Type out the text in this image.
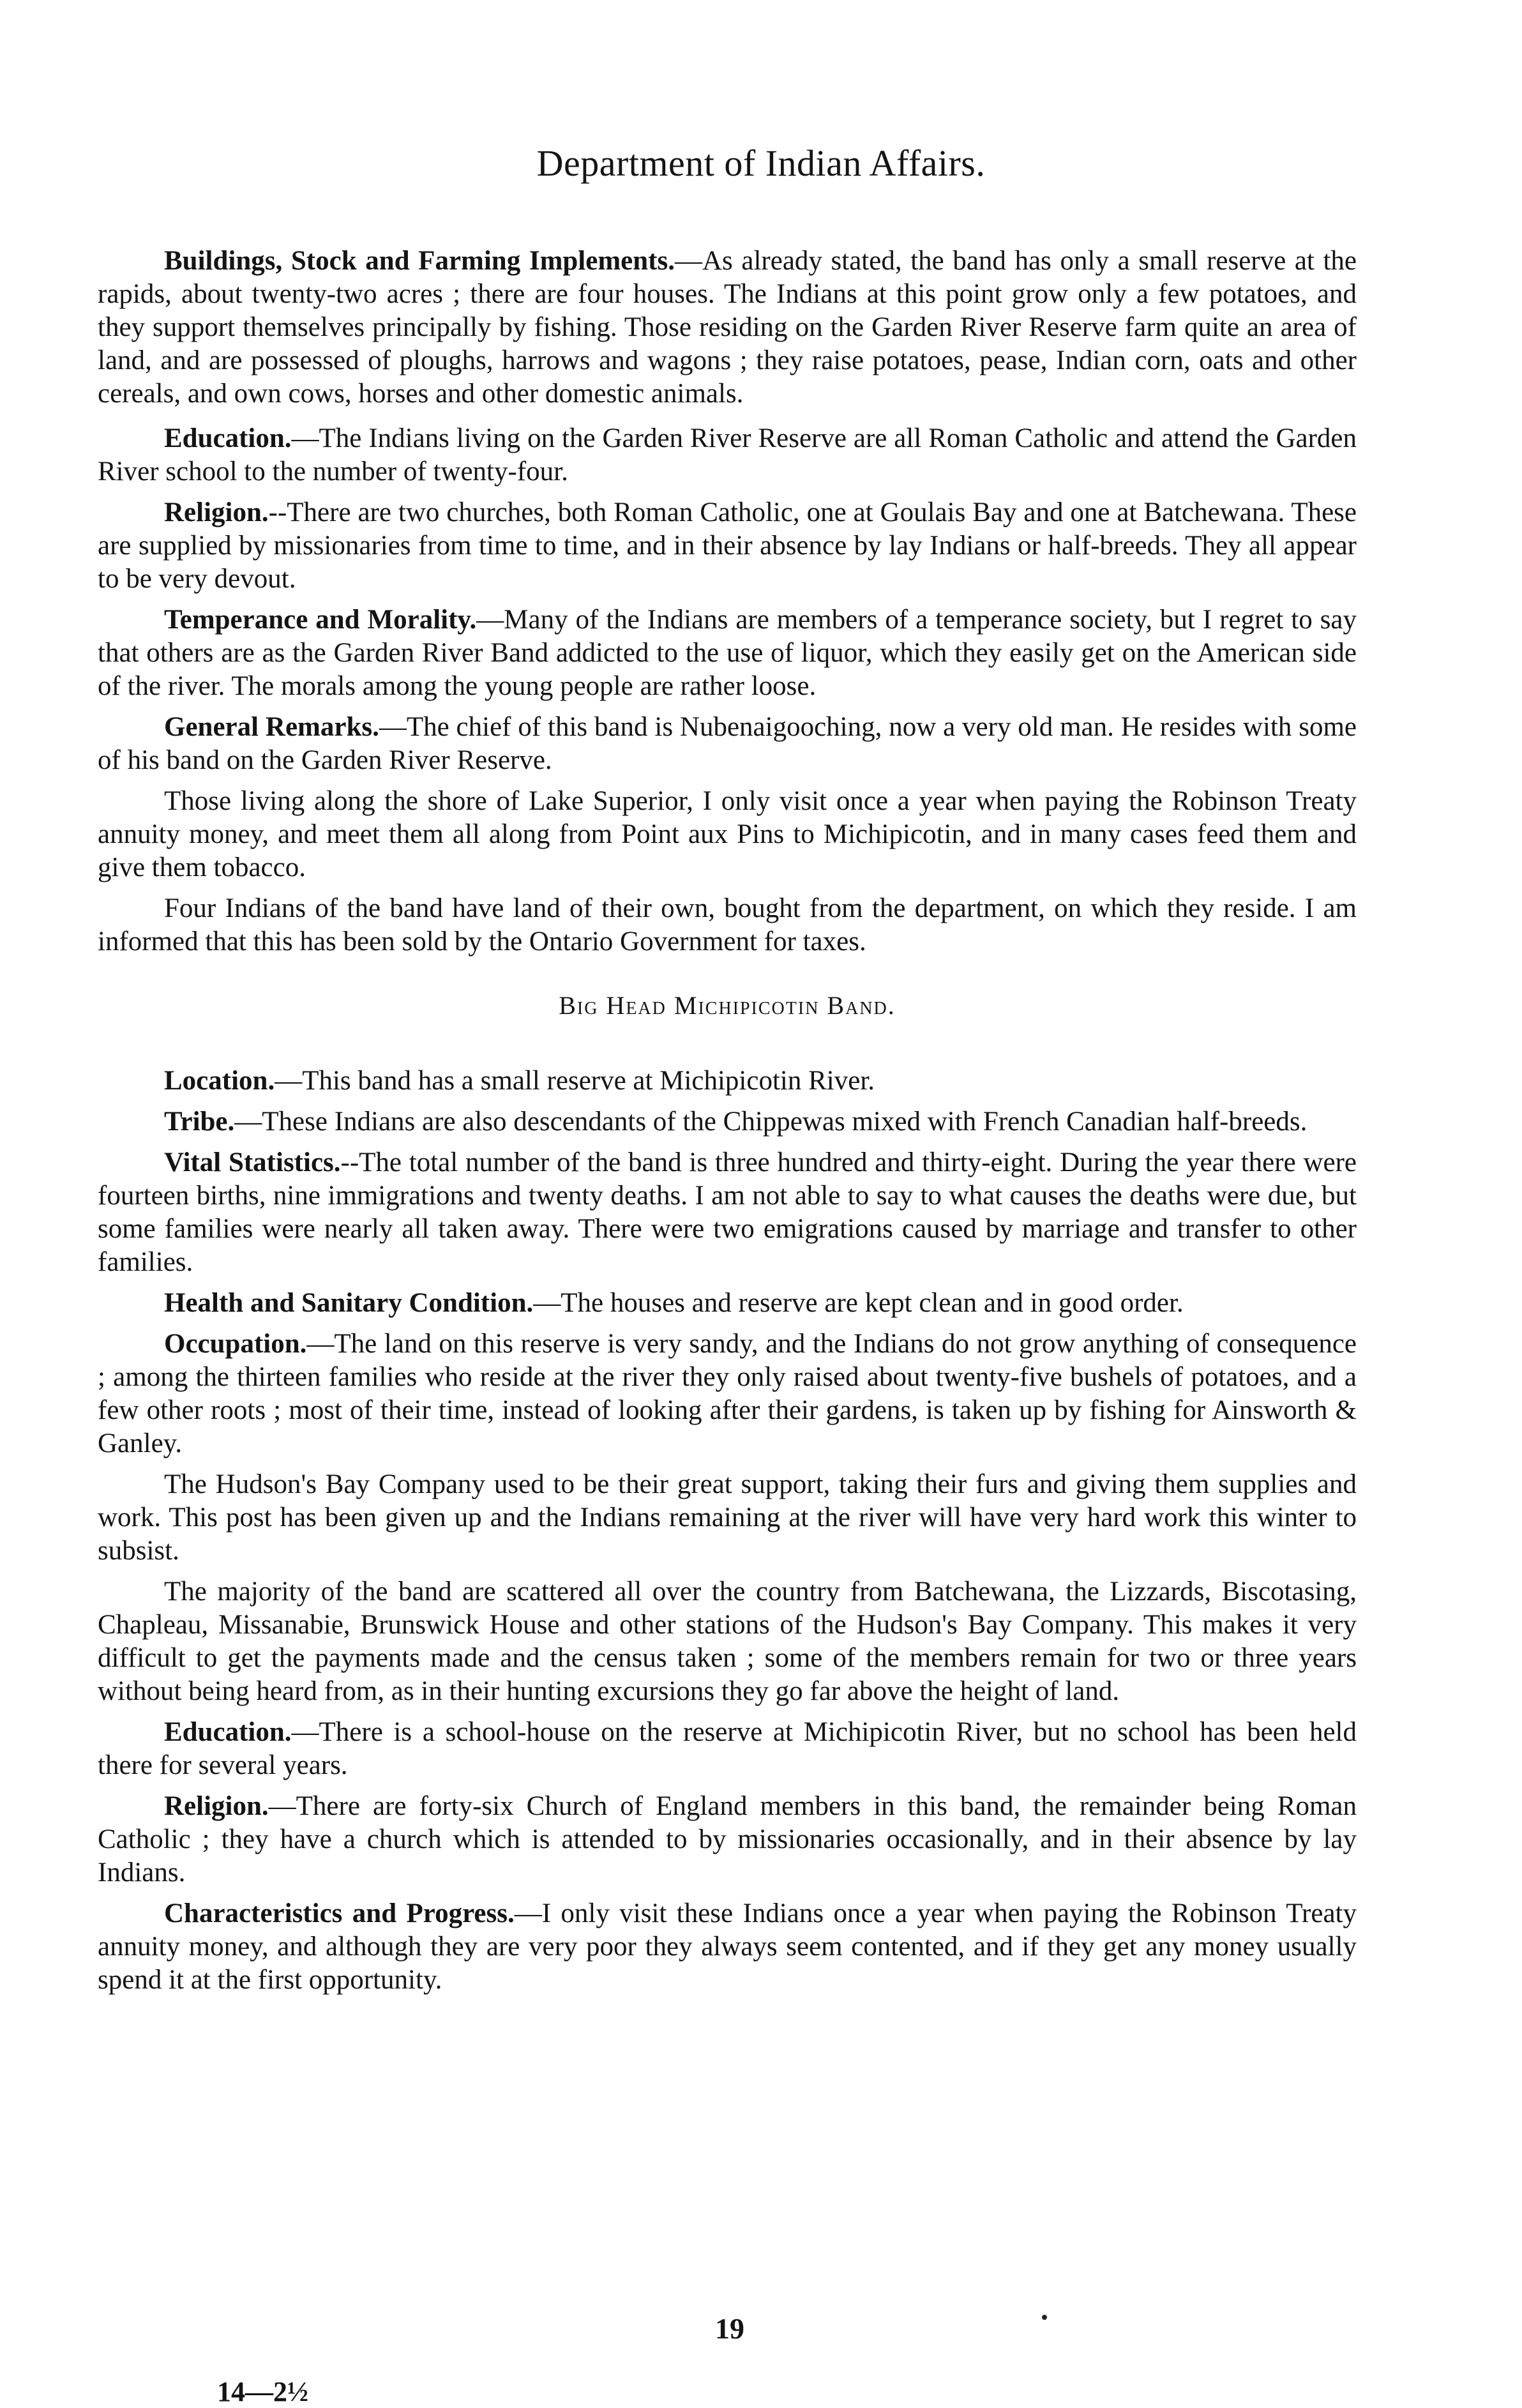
Department of Indian Affairs.

Buildings, Stock and Farming Implements.—As already stated, the band has only a small reserve at the rapids, about twenty-two acres ; there are four houses. The Indians at this point grow only a few potatoes, and they support themselves principally by fishing. Those residing on the Garden River Reserve farm quite an area of land, and are possessed of ploughs, harrows and wagons ; they raise potatoes, pease, Indian corn, oats and other cereals, and own cows, horses and other domestic animals.

Education.—The Indians living on the Garden River Reserve are all Roman Catholic and attend the Garden River school to the number of twenty-four.

Religion.--There are two churches, both Roman Catholic, one at Goulais Bay and one at Batchewana. These are supplied by missionaries from time to time, and in their absence by lay Indians or half-breeds. They all appear to be very devout.

Temperance and Morality.—Many of the Indians are members of a temperance society, but I regret to say that others are as the Garden River Band addicted to the use of liquor, which they easily get on the American side of the river. The morals among the young people are rather loose.

General Remarks.—The chief of this band is Nubenaigooching, now a very old man. He resides with some of his band on the Garden River Reserve.

Those living along the shore of Lake Superior, I only visit once a year when paying the Robinson Treaty annuity money, and meet them all along from Point aux Pins to Michipicotin, and in many cases feed them and give them tobacco.

Four Indians of the band have land of their own, bought from the department, on which they reside. I am informed that this has been sold by the Ontario Government for taxes.

Big Head Michipicotin Band.

Location.—This band has a small reserve at Michipicotin River.

Tribe.—These Indians are also descendants of the Chippewas mixed with French Canadian half-breeds.

Vital Statistics.--The total number of the band is three hundred and thirty-eight. During the year there were fourteen births, nine immigrations and twenty deaths. I am not able to say to what causes the deaths were due, but some families were nearly all taken away. There were two emigrations caused by marriage and transfer to other families.

Health and Sanitary Condition.—The houses and reserve are kept clean and in good order.

Occupation.—The land on this reserve is very sandy, and the Indians do not grow anything of consequence ; among the thirteen families who reside at the river they only raised about twenty-five bushels of potatoes, and a few other roots ; most of their time, instead of looking after their gardens, is taken up by fishing for Ainsworth & Ganley.

The Hudson's Bay Company used to be their great support, taking their furs and giving them supplies and work. This post has been given up and the Indians remaining at the river will have very hard work this winter to subsist.

The majority of the band are scattered all over the country from Batchewana, the Lizzards, Biscotasing, Chapleau, Missanabie, Brunswick House and other stations of the Hudson's Bay Company. This makes it very difficult to get the payments made and the census taken ; some of the members remain for two or three years without being heard from, as in their hunting excursions they go far above the height of land.

Education.—There is a school-house on the reserve at Michipicotin River, but no school has been held there for several years.

Religion.—There are forty-six Church of England members in this band, the remainder being Roman Catholic ; they have a church which is attended to by missionaries occasionally, and in their absence by lay Indians.

Characteristics and Progress.—I only visit these Indians once a year when paying the Robinson Treaty annuity money, and although they are very poor they always seem contented, and if they get any money usually spend it at the first opportunity.

19
14—2½
